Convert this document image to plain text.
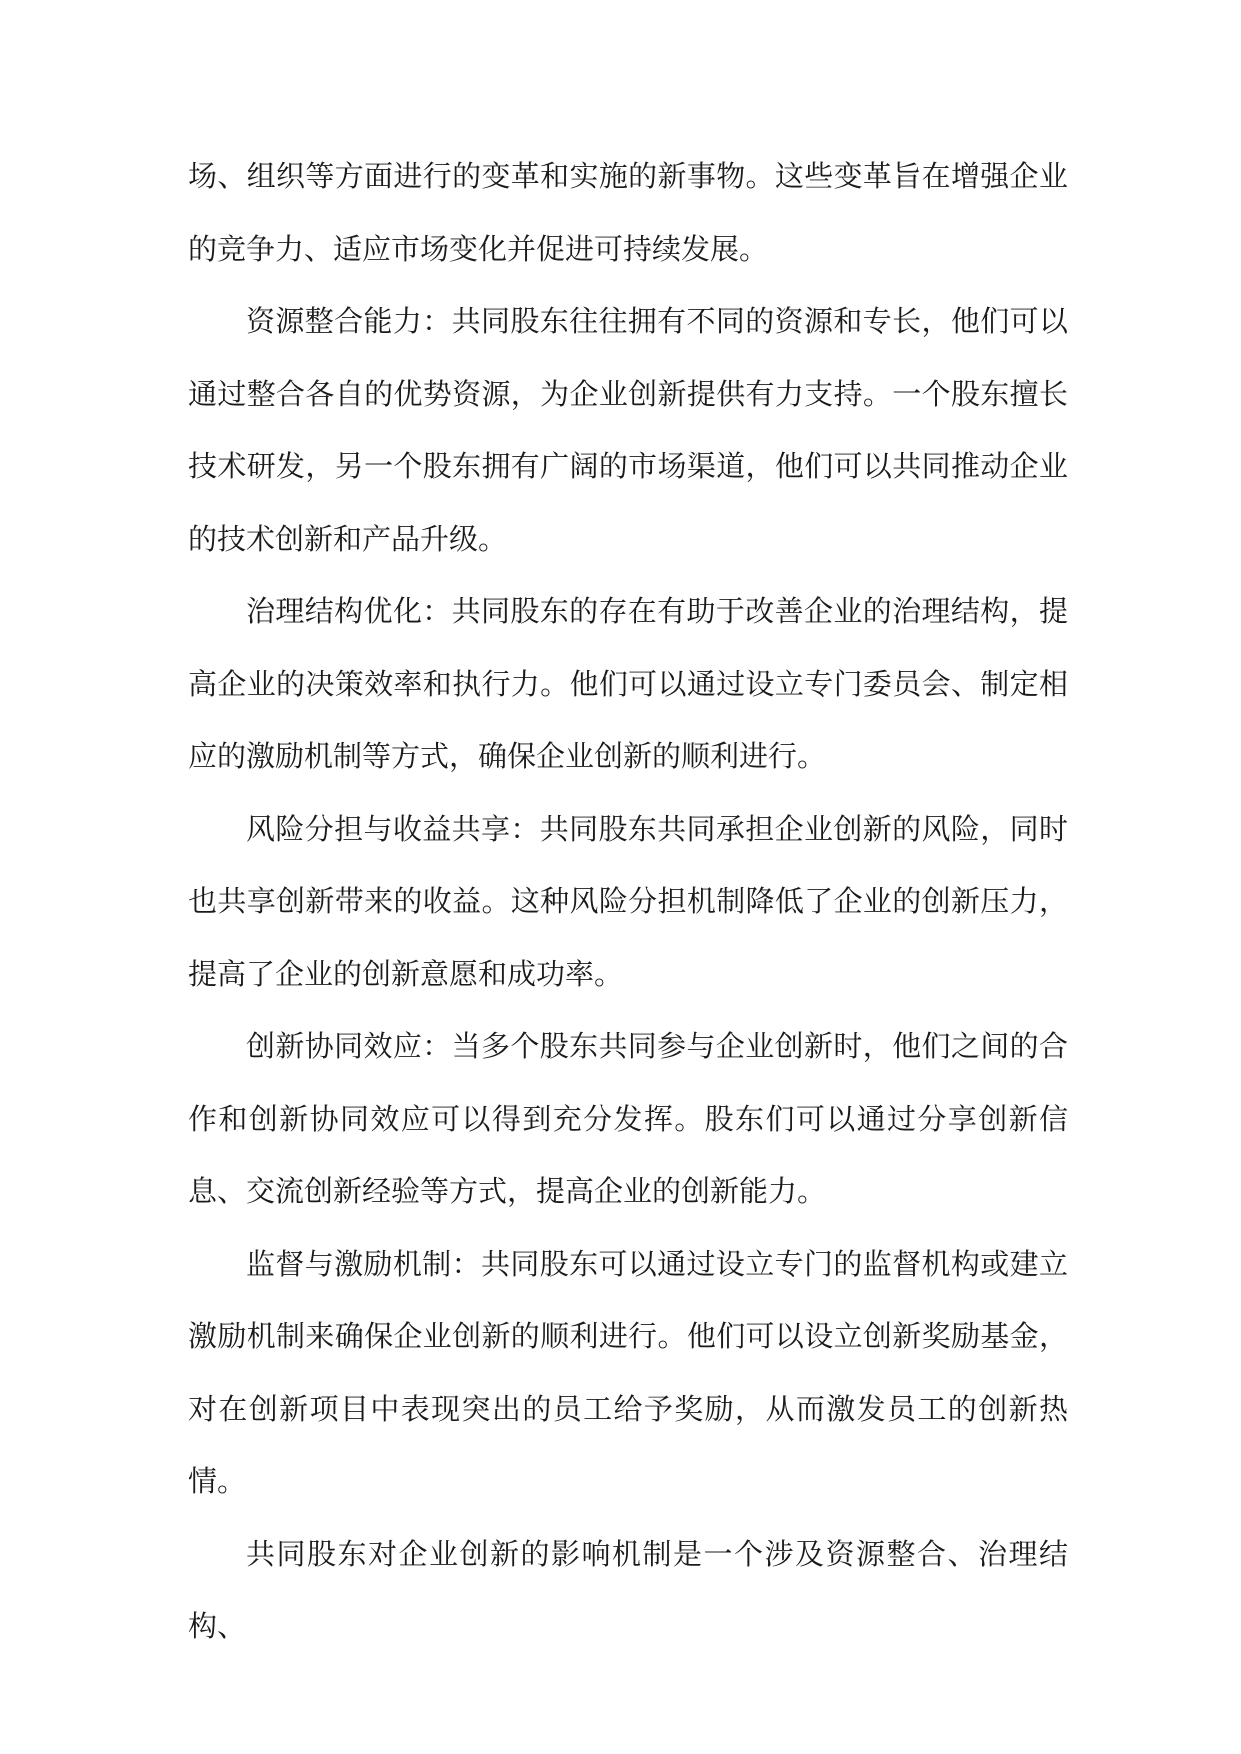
场、组织等方面进行的变革和实施的新事物。这些变革旨在增强企业的竞争力、适应市场变化并促进可持续发展。

资源整合能力：共同股东往往拥有不同的资源和专长，他们可以通过整合各自的优势资源，为企业创新提供有力支持。一个股东擅长技术研发，另一个股东拥有广阔的市场渠道，他们可以共同推动企业的技术创新和产品升级。

治理结构优化：共同股东的存在有助于改善企业的治理结构，提高企业的决策效率和执行力。他们可以通过设立专门委员会、制定相应的激励机制等方式，确保企业创新的顺利进行。

风险分担与收益共享：共同股东共同承担企业创新的风险，同时也共享创新带来的收益。这种风险分担机制降低了企业的创新压力，提高了企业的创新意愿和成功率。

创新协同效应：当多个股东共同参与企业创新时，他们之间的合作和创新协同效应可以得到充分发挥。股东们可以通过分享创新信息、交流创新经验等方式，提高企业的创新能力。

监督与激励机制：共同股东可以通过设立专门的监督机构或建立激励机制来确保企业创新的顺利进行。他们可以设立创新奖励基金，对在创新项目中表现突出的员工给予奖励，从而激发员工的创新热情。

共同股东对企业创新的影响机制是一个涉及资源整合、治理结构、
